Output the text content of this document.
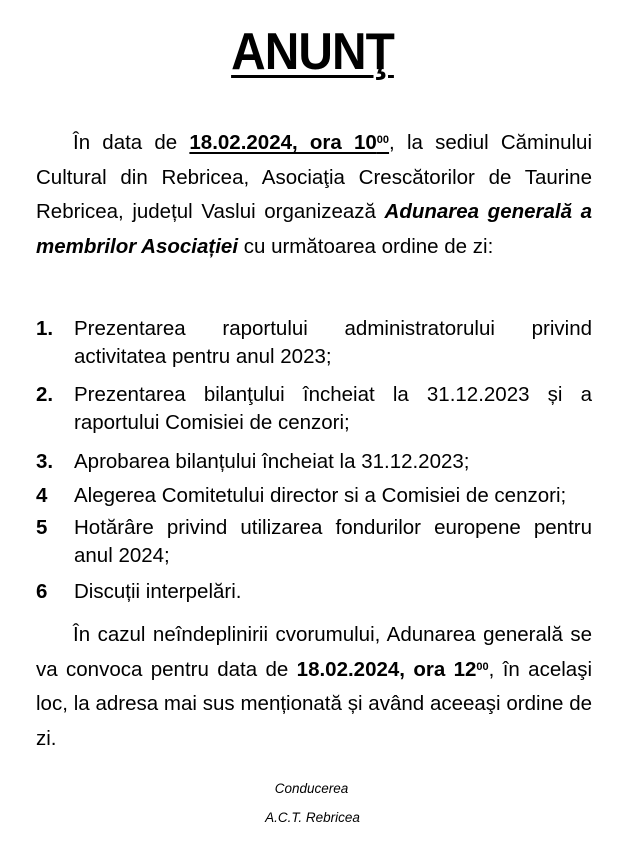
ANUNŢ

În data de 18.02.2024, ora $10^{00}$, la sediul Căminului Cultural din Rebricea, Asociaţia Crescătorilor de Taurine Rebricea, județul Vaslui organizează Adunarea generală a membrilor Asociației cu următoarea ordine de zi:

1. Prezentarea raportului administratorului privind activitatea pentru anul 2023;
2. Prezentarea bilanţului încheiat la 31.12.2023 și a raportului Comisiei de cenzori;
3. Aprobarea bilanțului încheiat la 31.12.2023;
4 Alegerea Comitetului director si a Comisiei de cenzori;
5 Hotărâre privind utilizarea fondurilor europene pentru anul 2024;
6 Discuții interpelări.

În cazul neîndeplinirii cvorumului, Adunarea generală se va convoca pentru data de 18.02.2024, ora $12^{00}$, în acelaşi loc, la adresa mai sus menționată și având aceeaşi ordine de zi.

Conducerea
A.C.T. Rebricea
